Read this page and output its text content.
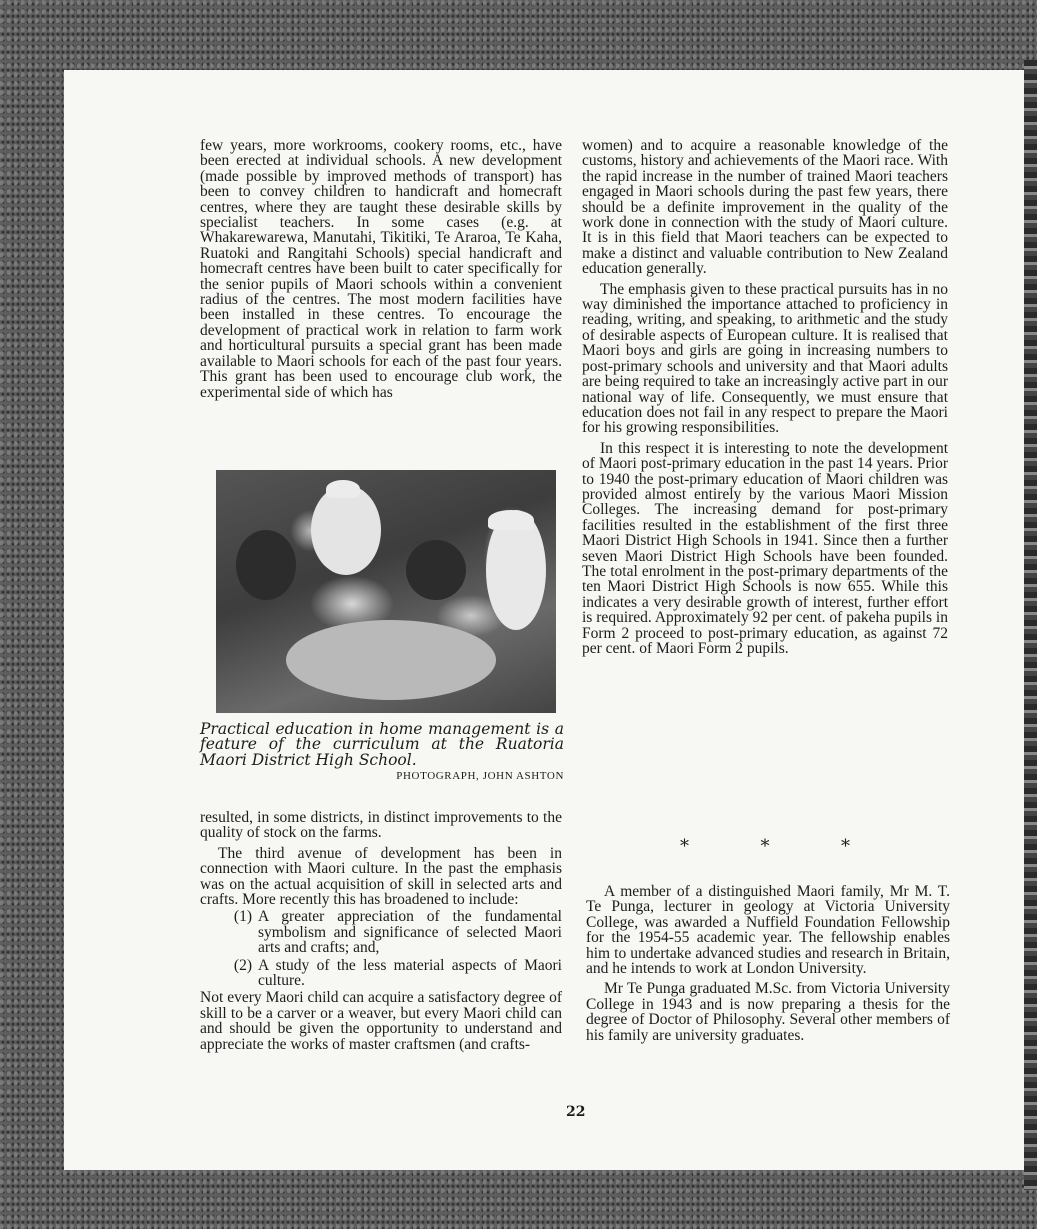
few years, more workrooms, cookery rooms, etc., have been erected at individual schools. A new development (made possible by improved methods of transport) has been to convey children to handicraft and homecraft centres, where they are taught these desirable skills by specialist teachers. In some cases (e.g. at Whakarewarewa, Manutahi, Tikitiki, Te Araroa, Te Kaha, Ruatoki and Rangitahi Schools) special handicraft and homecraft centres have been built to cater specifically for the senior pupils of Maori schools within a convenient radius of the centres. The most modern facilities have been installed in these centres. To encourage the development of practical work in relation to farm work and horticultural pursuits a special grant has been made available to Maori schools for each of the past four years. This grant has been used to encourage club work, the experimental side of which has

Practical education in home management is a feature of the curriculum at the Ruatoria Maori District High School.

PHOTOGRAPH, JOHN ASHTON

resulted, in some districts, in distinct improvements to the quality of stock on the farms.

The third avenue of development has been in connection with Maori culture. In the past the emphasis was on the actual acquisition of skill in selected arts and crafts. More recently this has broadened to include:

(1) A greater appreciation of the fundamental symbolism and significance of selected Maori arts and crafts; and,
(2) A study of the less material aspects of Maori culture.

Not every Maori child can acquire a satisfactory degree of skill to be a carver or a weaver, but every Maori child can and should be given the opportunity to understand and appreciate the works of master craftsmen (and crafts-

women) and to acquire a reasonable knowledge of the customs, history and achievements of the Maori race. With the rapid increase in the number of trained Maori teachers engaged in Maori schools during the past few years, there should be a definite improvement in the quality of the work done in connection with the study of Maori culture. It is in this field that Maori teachers can be expected to make a distinct and valuable contribution to New Zealand education generally.

The emphasis given to these practical pursuits has in no way diminished the importance attached to proficiency in reading, writing, and speaking, to arithmetic and the study of desirable aspects of European culture. It is realised that Maori boys and girls are going in increasing numbers to post-primary schools and university and that Maori adults are being required to take an increasingly active part in our national way of life. Consequently, we must ensure that education does not fail in any respect to prepare the Maori for his growing responsibilities.

In this respect it is interesting to note the development of Maori post-primary education in the past 14 years. Prior to 1940 the post-primary education of Maori children was provided almost entirely by the various Maori Mission Colleges. The increasing demand for post-primary facilities resulted in the establishment of the first three Maori District High Schools in 1941. Since then a further seven Maori District High Schools have been founded. The total enrolment in the post-primary departments of the ten Maori District High Schools is now 655. While this indicates a very desirable growth of interest, further effort is required. Approximately 92 per cent. of pakeha pupils in Form 2 proceed to post-primary education, as against 72 per cent. of Maori Form 2 pupils.

*	*	*

A member of a distinguished Maori family, Mr M. T. Te Punga, lecturer in geology at Victoria University College, was awarded a Nuffield Foundation Fellowship for the 1954-55 academic year. The fellowship enables him to undertake advanced studies and research in Britain, and he intends to work at London University.

Mr Te Punga graduated M.Sc. from Victoria University College in 1943 and is now preparing a thesis for the degree of Doctor of Philosophy. Several other members of his family are university graduates.

22
